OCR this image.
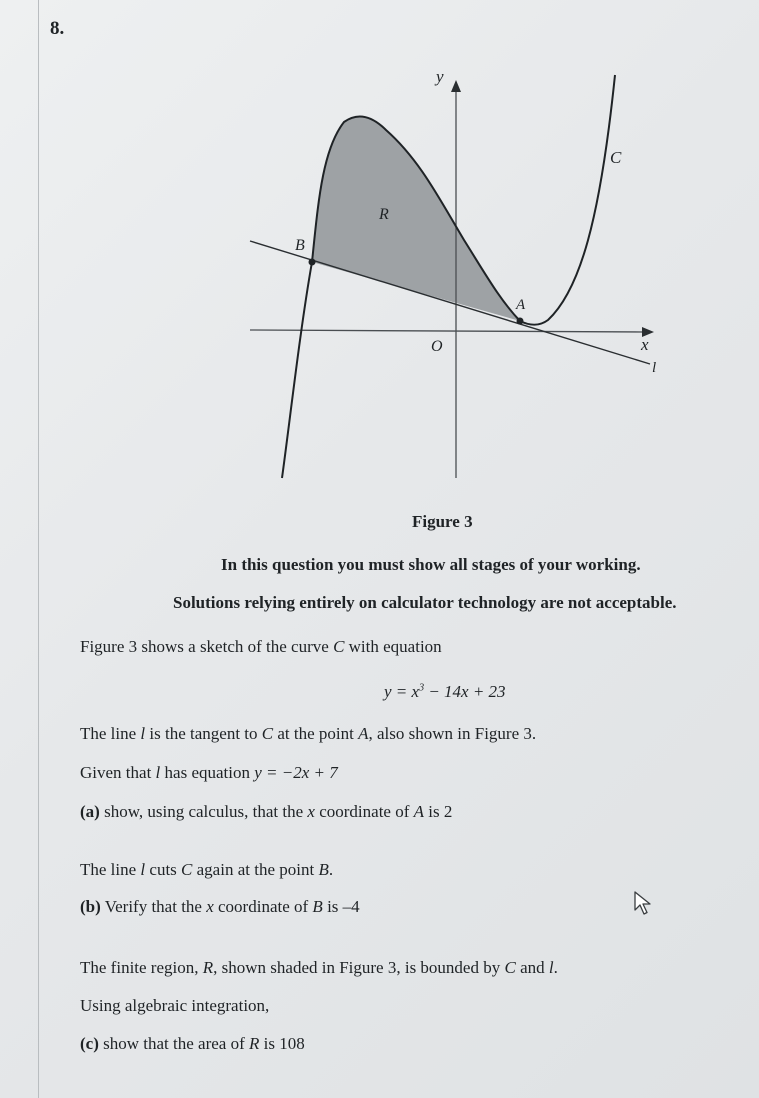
8.
y
x
O
C
R
A
B
l
Figure 3
In this question you must show all stages of your working.
Solutions relying entirely on calculator technology are not acceptable.
Figure 3 shows a sketch of the curve C with equation
$y = x^3 - 14x + 23$
The line l is the tangent to C at the point A, also shown in Figure 3.
Given that l has equation y = −2x + 7
(a) show, using calculus, that the x coordinate of A is 2
The line l cuts C again at the point B.
(b) Verify that the x coordinate of B is –4
The finite region, R, shown shaded in Figure 3, is bounded by C and l.
Using algebraic integration,
(c) show that the area of R is 108
